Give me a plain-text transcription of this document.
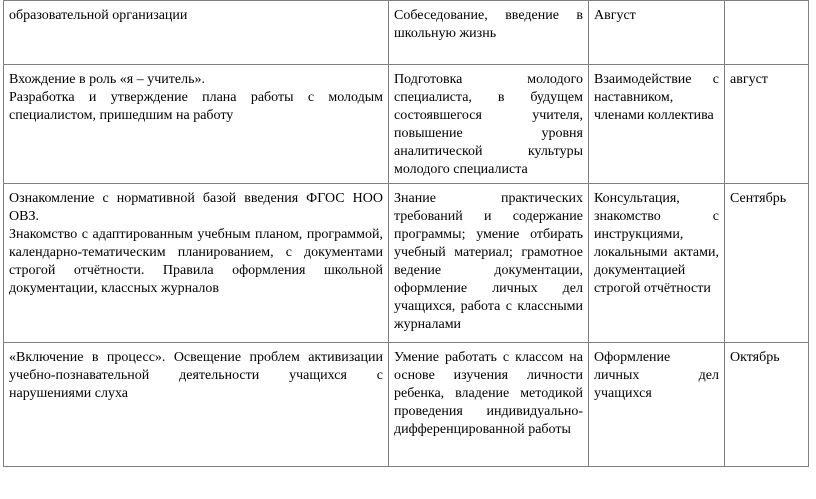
образовательной организации	Собеседование, введение в школьную жизнь	Август	

Вхождение в роль «я – учитель».
Разработка и утверждение плана работы с молодым специалистом, пришедшим на работу	Подготовка молодого специалиста, в будущем состоявшегося учителя, повышение уровня аналитической культуры молодого специалиста	Взаимодействие с наставником, членами коллектива	август

Ознакомление с нормативной базой введения ФГОС НОО ОВЗ.
Знакомство с адаптированным учебным планом, программой, календарно-тематическим планированием, с документами строгой отчётности. Правила оформления школьной документации, классных журналов	Знание практических требований и содержание программы; умение отбирать учебный материал; грамотное ведение документации, оформление личных дел учащихся, работа с классными журналами	Консультация, знакомство с инструкциями, локальными актами, документацией строгой отчётности	Сентябрь
«Включение в процесс». Освещение проблем активизации учебно-познавательной деятельности учащихся с нарушениями слуха	Умение работать с классом на основе изучения личности ребенка, владение методикой проведения индивидуально-дифференцированной работы	Оформление личных дел учащихся	Октябрь
